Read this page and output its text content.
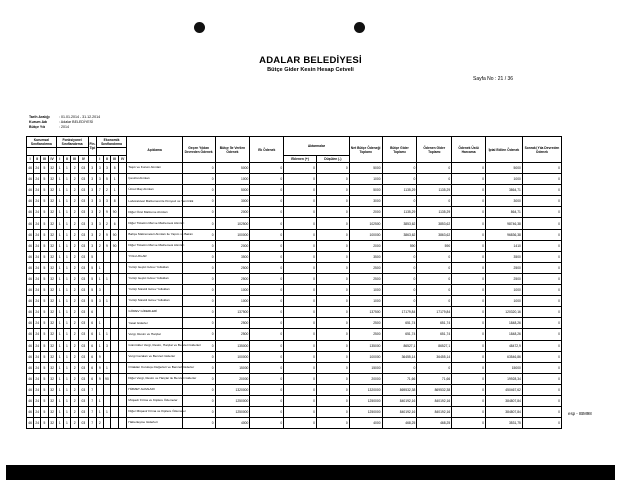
ADALAR BELEDİYESİ
Bütçe Gider Kesin Hesap Cetveli
Sayfa No : 21 / 36
Tarih Aralığı	: 01.01.2014 - 31.12.2014
Kurum Adı	: Adalar BELEDİYESİ
Bütçe Yılı	: 2014
Kurumsal Sınıflandırma				Fonksiyonel Sınıflandırma				Fin. Tipi	Ekonomik Sınıflandırma				Açıklama	Geçen Yıldan Devreden Ödenek	Bütçe İle Verilen Ödenek	Ek Ödenek	Aktarmalar		Net Bütçe Ödeneği Toplamı	Bütçe Gider Toplamı	Ödenen Gider Toplamı	Ödenek Üstü Harcama	İptal Edilen Ödenek	Sonraki Yıla Devreden Ödenek

I	II	III	IV	I	II	III	IV		I	II	III	IV					Eklenen (+)	Düşülen (-)						
46	24	5	32	1	1	2	03	3	3	3	5		Taşıtı ve Kurum Alımları	0	5000	0	0	0	5000	0	0	0	5000	0
46	24	5	32	1	1	2	03	3	3	5	1		Çevirisi Alımları	0	1000	0	0	0	1000	0	0	0	1000	0
46	24	5	32	1	1	2	03	3	7	2	1		Ücret Maç Alımları	0	5000	0	0	0	5000	1135,29	1135,29	0	3864,71	0
46	24	5	32	1	1	2	03	3	3	3	8		Laboratuvar Malzemesi ile Kimyevi ve Temrinlik	0	3000	0	0	0	3000	0	0	0	3000	0
46	24	5	32	1	1	2	03	3	2	9	90		Diğer Özel Malzeme Alımları	0	2000	0	0	0	2000	1135,29	1135,29	0	864,71	0
46	24	5	32	1	1	2	03	3	3	2	6		Diğer Tüketim Mal ve Malzemesi Alımları	0	102500	0	0	0	102500	3853,62	3853,62	0	98746,38	0
46	24	5	32	1	1	2	03	3	2	9	90		Bahçe Malzemeleri Alımları ile Yapım ve Bakım	0	100000	0	0	0	100000	3863,62	3863,62	0	96836,38	0
46	24	5	32	1	1	2	03	3	2	9	90		Diğer Tüketim Mal ve Malzemesi Alımları	0	2000	0	0	0	2000	590	590	0	1410	0
46	24	5	32	1	1	2	03	5					YOLLUKLAR	0	3500	0	0	0	3500	0	0	0	3500	0
46	24	5	32	1	1	2	03	5	1				Yurtiçi Geçici Görev Yollukları	0	2500	0	0	0	2500	0	0	0	2500	0
46	24	5	32	1	1	2	03	5	1	1			Yurtiçi Geçici Görev Yollukları	0	2500	0	0	0	2500	0	0	0	2500	0
46	24	5	32	1	1	2	03	5	3				Yurtiçi Sürekli Görev Yollukları	0	1000	0	0	0	1000	0	0	0	1000	0
46	24	5	32	1	1	2	03	5	3	1			Yurtiçi Sürekli Görev Yollukları	0	1000	0	0	0	1000	0	0	0	1000	0
46	24	5	32	1	1	2	03	6					GÖREV GİDERLERİ	0	137500	0	0	0	137500	17179,84	17179,84	0	120320,16	0
46	24	5	32	1	1	2	03	6	1				Yasal Giderler	0	2500	0	0	0	2500	651,74	651,74	0	1848,26	0
46	24	5	32	1	1	2	03	6	1	1			Vergi, Resim ve Harçlar	0	2500	0	0	0	2500	651,74	651,74	0	1848,26	0
46	24	5	32	1	1	2	03	6	1	3			Gümrükler Vergi, Resim, Harçlar ve Benzeri Giderleri	0	135000	0	0	0	135000	86527,1	86527,1	0	48472,9	0
46	24	5	32	1	1	2	03	6	9				Vergi Cezaları ve Benzeri Giderler	0	100000	0	0	0	100000	36455,14	36455,14	0	63546,86	0
46	24	5	32	1	1	2	03	6	9	1			Ortakları Kuruluşu Değerleri ve Benzeri Giderler	0	15000	0	0	0	15000	0	0	0	15000	0
46	24	5	32	1	1	2	03	6	9	90			Diğer Vergi, Resim ve Harçlar ile Benzeri Giderler	0	20000	0	0	0	20000	71,66	71,66	0	19928,34	0
46	24	5	32	1	1	2	03	7					HİZMET ALIMLARI	0	1320000	0	0	0	1320000	869532,38	869532,38	0	450467,62	0
46	24	5	32	1	1	2	03	7	1				Müşavir Firma ve Kişilere Ödemeler	0	1250000	0	0	0	1250000	840192,16	840192,16	0	384807,84	0
46	24	5	32	1	1	2	03	7	1	1			Diğer Müşavir Firma ve Kişilere Ödemeler	0	1250000	0	0	0	1250000	840192,16	840192,16	0	384807,84	0
46	24	5	32	1	1	2	03	7	2				Haberleşme Giderleri	0	4000	0	0	0	4000	468,25	468,25	0	3531,75	0
esp - IBM98
